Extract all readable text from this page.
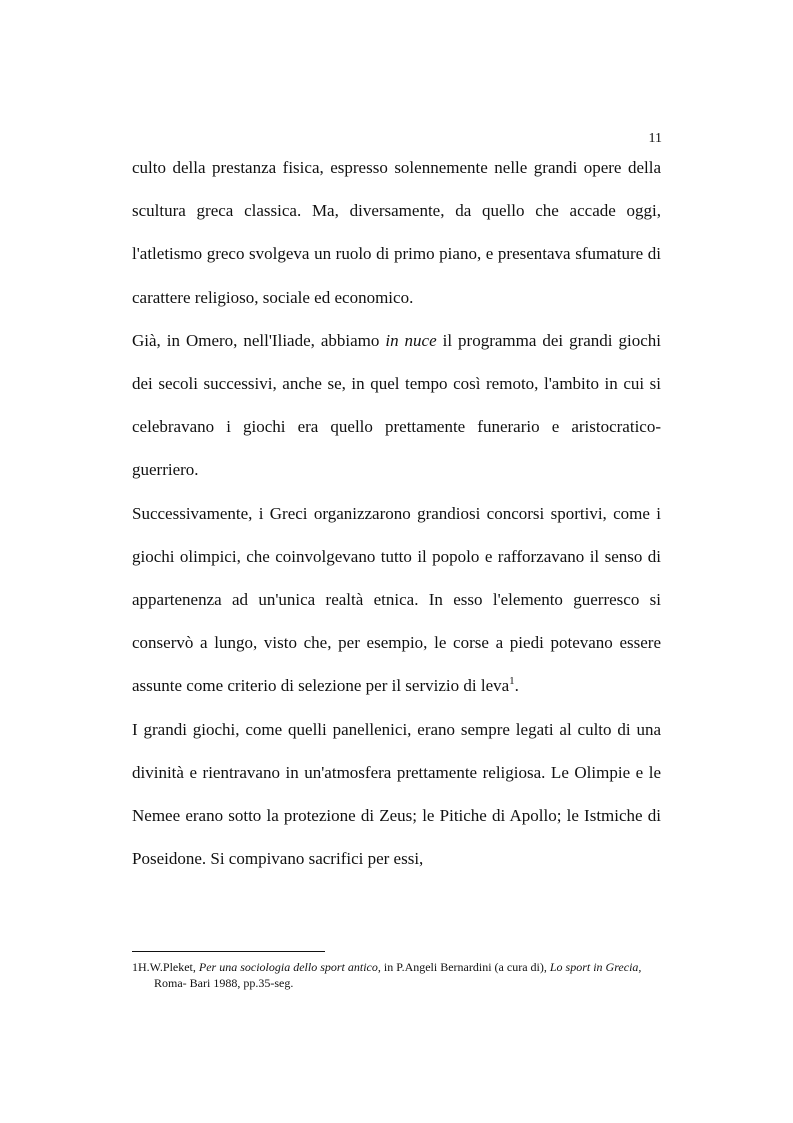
11

culto della prestanza fisica, espresso solennemente nelle grandi opere della scultura greca classica. Ma, diversamente, da quello che accade oggi, l'atletismo greco svolgeva un ruolo di primo piano, e presentava sfumature di carattere religioso, sociale ed economico.

Già, in Omero, nell'Iliade, abbiamo in nuce il programma dei grandi giochi dei secoli successivi, anche se, in quel tempo così remoto, l'ambito in cui si celebravano i giochi era quello prettamente funerario e aristocratico-guerriero.

Successivamente, i Greci organizzarono grandiosi concorsi sportivi, come i giochi olimpici, che coinvolgevano tutto il popolo e rafforzavano il senso di appartenenza ad un'unica realtà etnica. In esso l'elemento guerresco si conservò a lungo, visto che, per esempio, le corse a piedi potevano essere assunte come criterio di selezione per il servizio di leva$^1$.

I grandi giochi, come quelli panellenici, erano sempre legati al culto di una divinità e rientravano in un'atmosfera prettamente religiosa. Le Olimpie e le Nemee erano sotto la protezione di Zeus; le Pitiche di Apollo; le Istmiche di Poseidone. Si compivano sacrifici per essi,

1H.W.Pleket, Per una sociologia dello sport antico, in P.Angeli Bernardini (a cura di), Lo sport in Grecia, Roma- Bari 1988, pp.35-seg.
